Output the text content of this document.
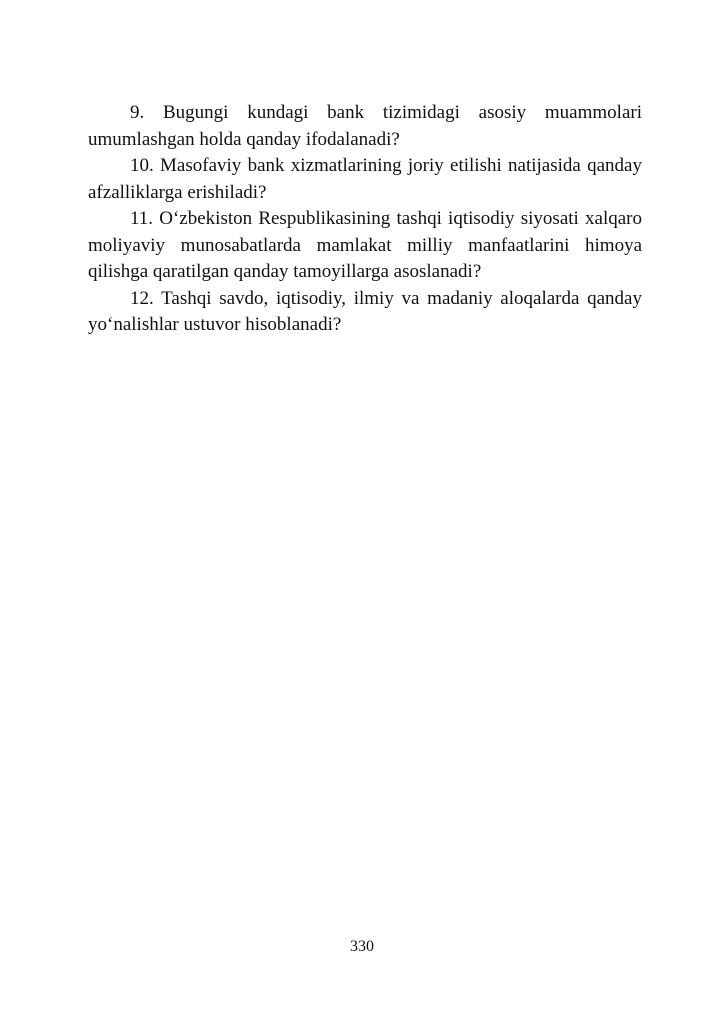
9. Bugungi kundagi bank tizimidagi asosiy muammolari umumlashgan holda qanday ifodalanadi?

10. Masofaviy bank xizmatlarining joriy etilishi natijasida qanday afzalliklarga erishiladi?

11. O‘zbekiston Respublikasining tashqi iqtisodiy siyosati xalqaro moliyaviy munosabatlarda mamlakat milliy manfaatlarini himoya qilishga qaratilgan qanday tamoyillarga asoslanadi?

12. Tashqi savdo, iqtisodiy, ilmiy va madaniy aloqalarda qanday yo‘nalishlar ustuvor hisoblanadi?

330
